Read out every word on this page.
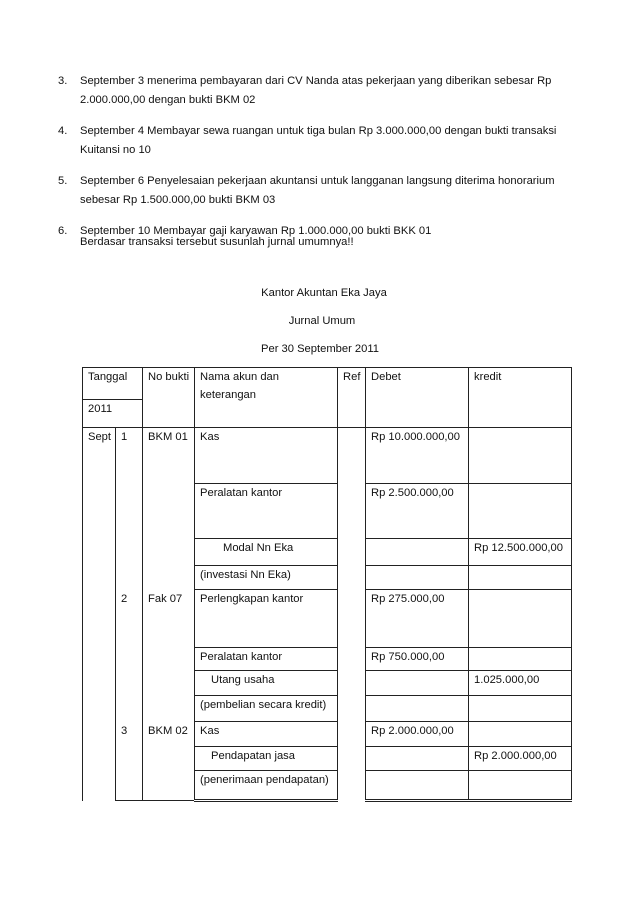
3.	September 3 menerima pembayaran dari CV Nanda atas pekerjaan yang diberikan sebesar Rp 2.000.000,00 dengan bukti BKM 02
4.	September 4 Membayar sewa ruangan untuk tiga bulan Rp 3.000.000,00 dengan bukti transaksi Kuitansi no 10
5.	September 6 Penyelesaian pekerjaan akuntansi untuk langganan langsung diterima honorarium sebesar Rp 1.500.000,00 bukti BKM 03
6.	September 10 Membayar gaji karyawan Rp 1.000.000,00 bukti BKK 01
Berdasar transaksi tersebut susunlah jurnal umumnya!!
Kantor Akuntan Eka Jaya
Jurnal Umum
Per 30 September 2011
Tanggal		No bukti	Nama akun dan keterangan	Ref	Debet	kredit
2011						
Sept	1	BKM 01	Kas		Rp 10.000.000,00	
			Peralatan kantor		Rp 2.500.000,00	
			Modal Nn Eka			Rp 12.500.000,00
			(investasi Nn Eka)			
	2	Fak 07	Perlengkapan kantor		Rp 275.000,00	
			Peralatan kantor		Rp 750.000,00	
			Utang usaha			1.025.000,00
			(pembelian secara kredit)			
	3	BKM 02	Kas		Rp 2.000.000,00	
			Pendapatan jasa			Rp 2.000.000,00
			(penerimaan pendapatan)			
